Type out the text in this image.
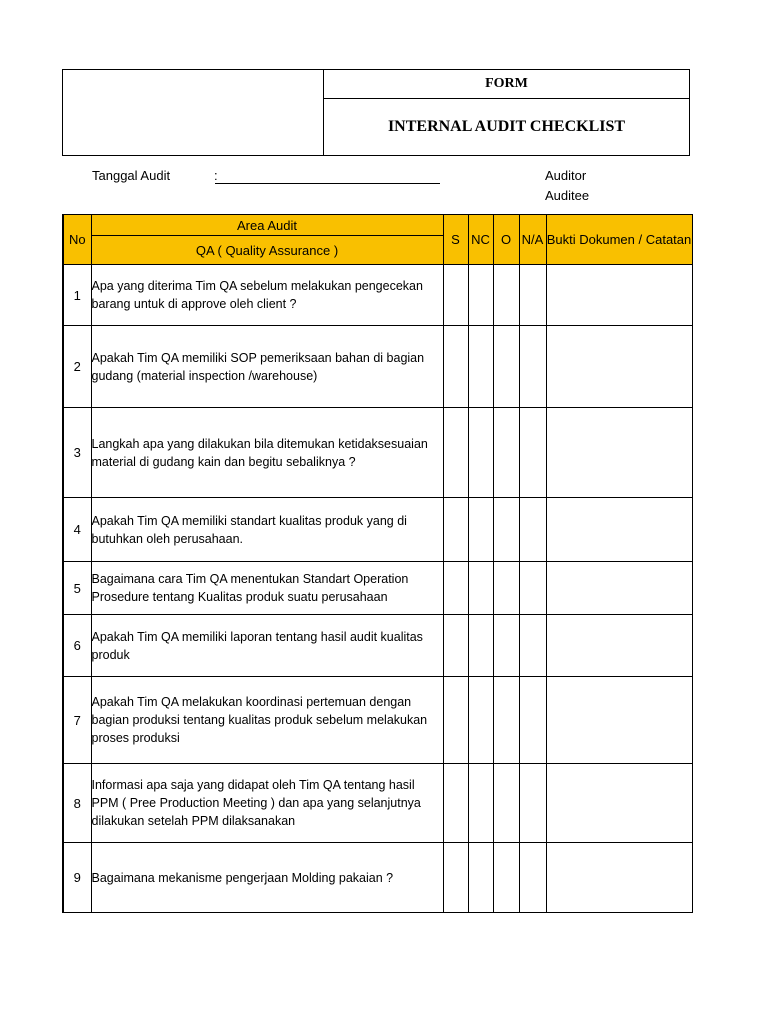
FORM
INTERNAL AUDIT CHECKLIST
Tanggal Audit	:	Auditor
Auditee
No	Area Audit	S	NC	O	N/A	Bukti Dokumen / Catatan
	QA ( Quality Assurance )					
1	Apa yang diterima Tim QA sebelum melakukan pengecekan barang untuk di approve oleh client ?					
2	Apakah Tim QA memiliki SOP pemeriksaan bahan di bagian gudang (material inspection /warehouse)					
3	Langkah apa yang dilakukan bila ditemukan ketidaksesuaian material di gudang kain dan begitu sebaliknya ?					
4	Apakah Tim QA memiliki standart kualitas produk yang di butuhkan oleh perusahaan.					
5	Bagaimana cara Tim QA menentukan Standart Operation Prosedure tentang Kualitas produk suatu perusahaan					
6	Apakah Tim QA memiliki laporan tentang hasil audit kualitas produk					
7	Apakah Tim QA melakukan koordinasi pertemuan dengan bagian produksi tentang kualitas produk sebelum melakukan proses produksi					
8	Informasi apa saja yang didapat oleh Tim QA tentang hasil PPM ( Pree Production Meeting ) dan apa yang selanjutnya dilakukan setelah PPM dilaksanakan					
9	Bagaimana mekanisme pengerjaan Molding pakaian ?					
